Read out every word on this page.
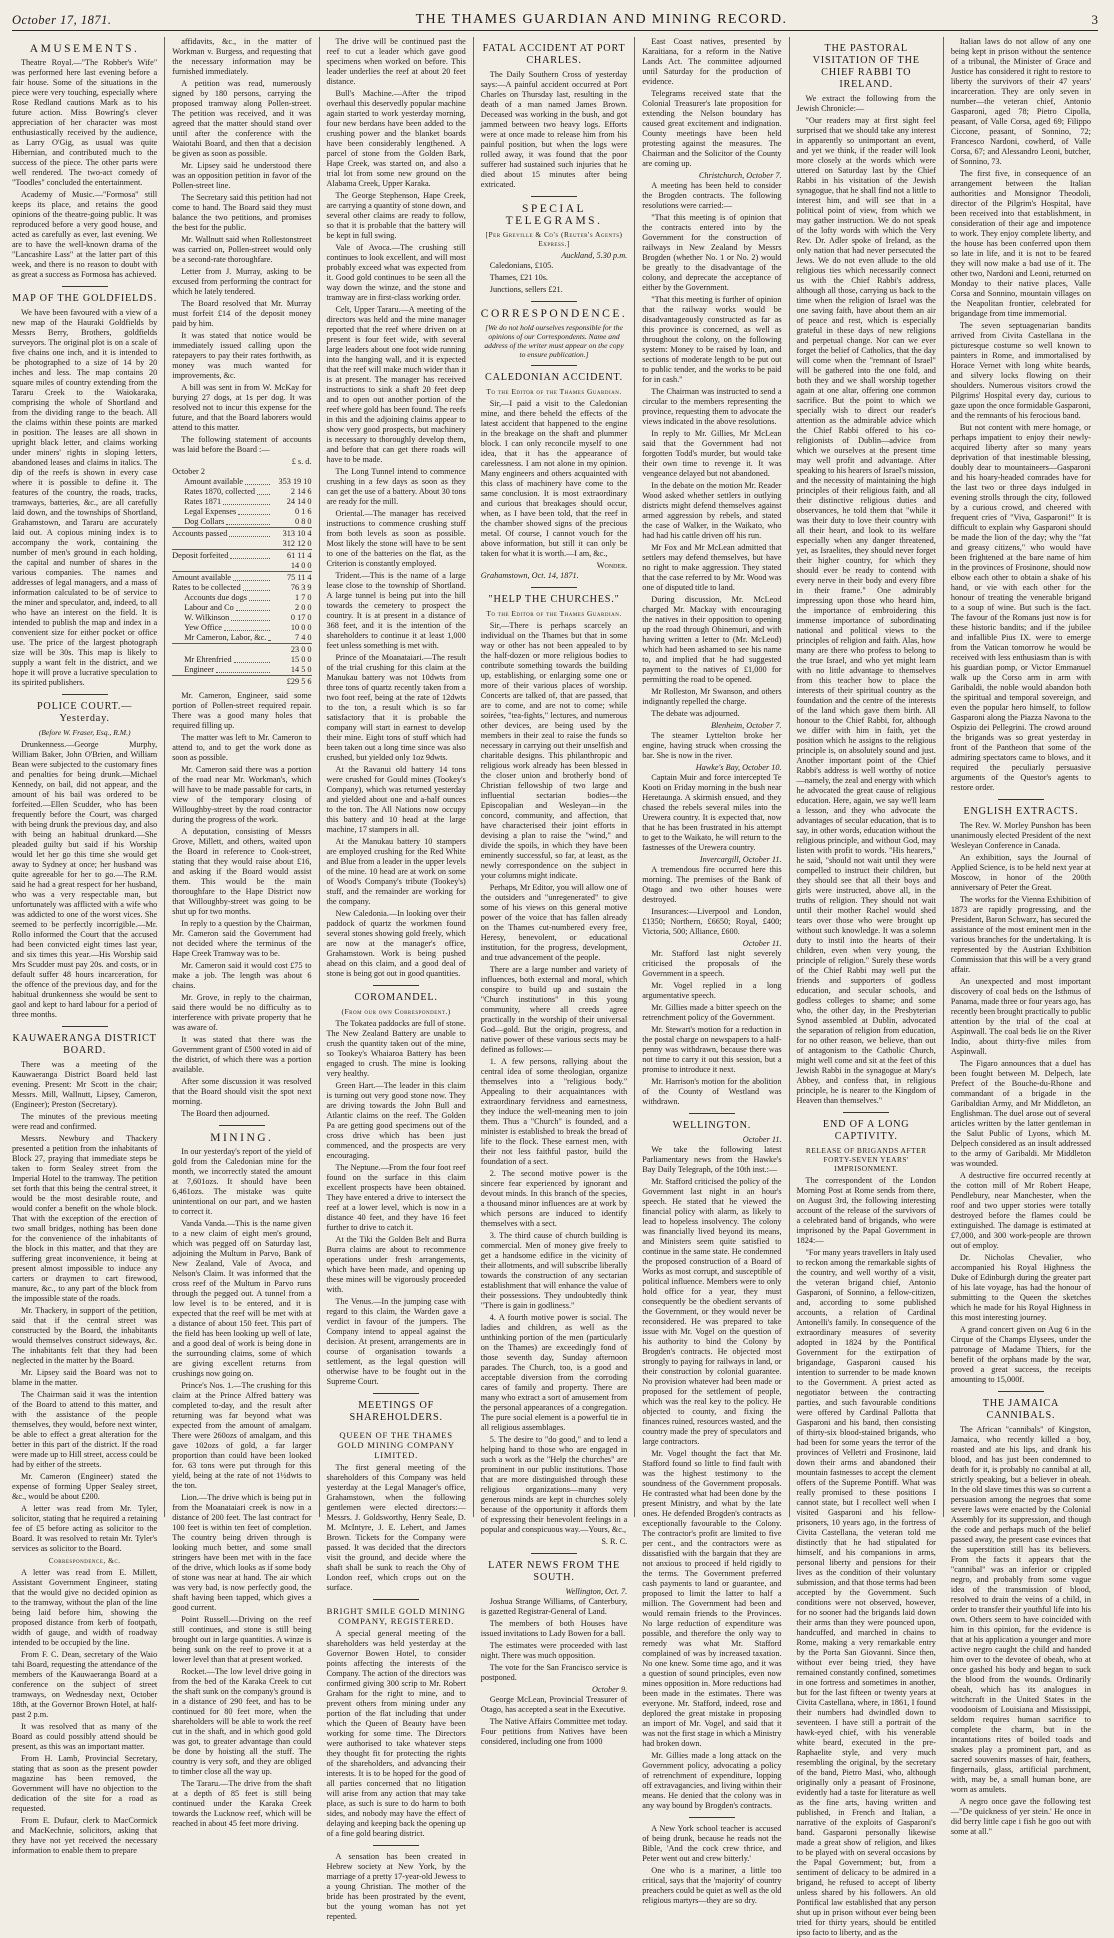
October 17, 1871.	THE THAMES GUARDIAN AND MINING RECORD.	3
AMUSEMENTS.

Theatre Royal.—"The Robber's Wife" was performed here last evening before a fair house. Some of the situations in the piece were very touching, especially where Rose Redland cautions Mark as to his future action. Miss Bowring's clever appreciation of her character was most enthusiastically received by the audience, as Larry O'Gig, as usual was quite Hibernian, and contributed much to the success of the piece. The other parts were well rendered. The two-act comedy of "Toodles" concluded the entertainment.

Academy of Music.—"Formosa" still keeps its place, and retains the good opinions of the theatre-going public. It was reproduced before a very good house, and acted as carefully as ever, last evening. We are to have the well-known drama of the "Lancashire Lass" at the latter part of this week, and there is no reason to doubt with as great a success as Formosa has achieved.

MAP OF THE GOLDFIELDS.

We have been favoured with a view of a new map of the Hauraki Goldfields by Messrs Berry, Brothers, goldfields surveyors. The original plot is on a scale of five chains one inch, and it is intended to be photographed to a size of 14 by 20 inches and less. The map contains 20 square miles of country extending from the Tararu Creek to the Waiokaraka, comprising the whole of Shortland and from the dividing range to the beach. All the claims within these points are marked in position. The leases are all shown in upright black letter, and claims working under miners' rights in sloping letters, abandoned leases and claims in italics. The dip of the reefs is shown in every case where it is possible to define it. The features of the country, the roads, tracks, tramways, batteries, &c., are all carefully laid down, and the townships of Shortland, Grahamstown, and Tararu are accurately laid out. A copious mining index is to accompany the work, containing the number of men's ground in each holding, the capital and number of shares in the various companies. The names and addresses of legal managers, and a mass of information calculated to be of service to the miner and speculator, and, indeed, to all who have an interest on the field. It is intended to publish the map and index in a convenient size for either pocket or office use. The price of the largest photograph size will be 30s. This map is likely to supply a want felt in the district, and we hope it will prove a lucrative speculation to its spirited publishers.

POLICE COURT.—Yesterday.
(Before W. Fraser, Esq., R.M.)

Drunkenness.—George Murphy, William Baker, John O'Brien, and William Bean were subjected to the customary fines and penalties for being drunk.—Michael Kennedy, on bail, did not appear, and the amount of his bail was ordered to be forfeited.—Ellen Scudder, who has been frequently before the Court, was charged with being drunk the previous day, and also with being an habitual drunkard.—She pleaded guilty but said if his Worship would let her go this time she would get away to Sydney at once; her husband was quite agreeable for her to go.—The R.M. said he had a great respect for her husband, who was a very respectable man, but unfortunately was afflicted with a wife who was addicted to one of the worst vices. She seemed to be perfectly incorrigible.—Mr. Rollo informed the Court that the accused had been convicted eight times last year, and six times this year.—His Worship said Mrs Scudder must pay 20s. and costs, or in default suffer 48 hours incarceration, for the offence of the previous day, and for the habitual drunkenness she would be sent to gaol and kept to hard labour for a period of three months.

KAUWAERANGA DISTRICT BOARD.

There was a meeting of the Kauwaeranga District Board held last evening. Present: Mr Scott in the chair; Messrs. Mill, Wallnutt, Lipsey, Cameron, (Engineer); Preston (Secretary).

The minutes of the previous meeting were read and confirmed.

Messrs. Newbury and Thackery presented a petition from the inhabitants of Block 27, praying that immediate steps be taken to form Sealey street from the Imperial Hotel to the tramway. The petition set forth that this being the central street, it would be the most desirable route, and would confer a benefit on the whole block. That with the exception of the erection of two small bridges, nothing has been done for the convenience of the inhabitants of the block in this matter, and that they are suffering great inconvenience, it being at present almost impossible to induce any carters or draymen to cart firewood, manure, &c., to any part of the block from the impossible state of the roads.

Mr. Thackery, in support of the petition, said that if the central street was constructed by the Board, the inhabitants would themselves construct sideways, &c. The inhabitants felt that they had been neglected in the matter by the Board.

Mr. Lipsey said the Board was not to blame in the matter.

The Chairman said it was the intention of the Board to attend to this matter, and with the assistance of the people themselves, they would, before next winter, be able to effect a great alteration for the better in this part of the district. If the road were made up to Hill street, access could be had by either of the streets.

Mr. Cameron (Engineer) stated the expense of forming Upper Sealey street, &c., would be about £200.

A letter was read from Mr. Tyler, solicitor, stating that he required a retaining fee of £5 before acting as solicitor to the Board. It was resolved to retain Mr. Tyler's services as solicitor to the Board.

Correspondence, &c.

A letter was read from E. Millett, Assistant Government Engineer, stating that the would give no decided opinion as to the tramway, without the plan of the line being laid before him, showing the proposed distance from kerb of footpath, width of gauge, and width of roadway intended to be occupied by the line.

From F. C. Dean, secretary of the Waio tahi Board, requesting the attendance of the members of the Kauwaeranga Board at a conference on the subject of street tramways, on Wednesday next, October 18th, at the Governor Brown Hotel, at half-past 2 p.m.

It was resolved that as many of the Board as could possibly attend should be present, as this was an important matter.

From H. Lamb, Provincial Secretary, stating that as soon as the present powder magazine has been removed, the Government will have no objection to the dedication of the site for a road as requested.

From E. Dufaur, clerk to MacCormick and MacKechnie, solicitors, asking that they have not yet received the necessary information to enable them to prepare

affidavits, &c., in the matter of Workman v. Burgess, and requesting that the necessary information may be furnished immediately.

A petition was read, numerously signed by 180 persons, carrying the proposed tramway along Pollen-street. The petition was received, and it was agreed that the matter should stand over until after the conference with the Waiotahi Board, and then that a decision be given as soon as possible.

Mr. Lipsey said he understood there was an opposition petition in favor of the Pollen-street line.

The Secretary said this petition had not come to hand. The Board said they must balance the two petitions, and promises the best for the public.

Mr. Wallnutt said when Rollestonstreet was carried on, Pollen-street would only be a second-rate thoroughfare.

Letter from J. Murray, asking to be excused from performing the contract for which he lately tendered.

The Board resolved that Mr. Murray must forfeit £14 of the deposit money paid by him.

It was stated that notice would be immediately issued calling upon the ratepayers to pay their rates forthwith, as money was much wanted for improvements, &c.

A bill was sent in from W. McKay for burying 27 dogs, at 1s per dog. It was resolved not to incur this expense for the future, and that the Board laborers would attend to this matter.

The following statement of accounts was laid before the Board :—

£ s. d.
October 2
Amount available	353 19 10
Rates 1870, collected	2 14 6
Rates 1871	24 14 0
Legal Expenses	0 1 6
Dog Collars	0 8 0
Accounts passed	313 10 4
312 12 0
Deposit forfeited	61 11 4
14 0 0
Amount available	75 11 4
Rates to be collected	76 3 9
Accounts due dogs	1 7 0
Labour and Co	2 0 0
W. Wilkinson	0 17 0
Yew Office	10 0 0
Mr Cameron, Labor, &c.	7 4 0
23 0 0
Mr Ehrenfried	15 0 0
Engineer	14 5 0
£29 5 6

Mr. Cameron, Engineer, said some portion of Pollen-street required repair. There was a good many holes that required filling up.

The matter was left to Mr. Cameron to attend to, and to get the work done as soon as possible.

Mr. Cameron said there was a portion of the road near Mr. Workman's, which will have to be made passable for carts, in view of the temporary closing of Willoughby-street by the road contractor during the progress of the work.

A deputation, consisting of Messrs Grove, Millett, and others, waited upon the Board in reference to Cook-street, stating that they would raise about £16, and asking if the Board would assist them. This would be the main thoroughfare to the Hape District now that Willoughby-street was going to be shut up for two months.

In reply to a question by the Chairman, Mr. Cameron said the Government had not decided where the terminus of the Hape Creek Tramway was to be.

Mr. Cameron said it would cost £75 to make a job. The length was about 6 chains.

Mr. Grove, in reply to the chairman, said there would be no difficulty as to interference with private property that he was aware of.

It was stated that there was the Government grant of £500 voted in aid of the district, of which there was a portion available.

After some discussion it was resolved that the Board should visit the spot next morning.

The Board then adjourned.

MINING.

In our yesterday's report of the yield of gold from the Caledonian mine for the month, we incorrectly stated the amount at 7,601ozs. It should have been 6,461ozs. The mistake was quite unintentional on our part, and we hasten to correct it.

Vanda Vanda.—This is the name given to a new claim of eight men's ground, which was pegged off on Saturday last, adjoining the Multum in Parvo, Bank of New Zealand, Vale of Avoca, and Nelson's Claim. It was informed that the cross reef of the Multum in Parvo runs through the pegged out. A tunnel from a low level is to be entered, and it is expected that the reef will be met with at a distance of about 150 feet. This part of the field has been looking up well of late, and a good deal of work is being done in the surrounding claims, some of which are giving excellent returns from crushings now going on.

Prince's Nos. 1.—The crushing for this claim at the Prince Alfred battery was completed to-day, and the result after returning was far beyond what was expected from the amount of amalgam. There were 260ozs of amalgam, and this gave 102ozs of gold, a far larger proportion than could have been looked for. 63 tons were put through for this yield, being at the rate of not 1½dwts to the ton.

Lion.—The drive which is being put in from the Moanataiari creek is now in a distance of 200 feet. The last contract for 100 feet is within ten feet of completion. The country being driven through is looking much better, and some small stringers have been met with in the face of the drive, which looks as if some body of stone was near at hand. The air which was very bad, is now perfectly good, the shaft having been tapped, which gives a good current.

Point Russell.—Driving on the reef still continues, and stone is still being brought out in large quantities. A winze is being sunk on the reef to prove it at a lower level than that at present worked.

Rocket.—The low level drive going in from the bed of the Karaka Creek to cut the shaft sunk on the company's ground is in a distance of 290 feet, and has to be continued for 80 feet more, when the shareholders will be able to work the reef cut in the shaft, and in which good gold was got, to greater advantage than could be done by hoisting all the stuff. The country is very soft, and they are obliged to timber close all the way up.

The Tararu.—The drive from the shaft at a depth of 85 feet is still being continued under the Karaka Creek towards the Lucknow reef, which will be reached in about 45 feet more driving.

The drive will be continued past the reef to cut a leader which gave good specimens when worked on before. This leader underlies the reef at about 20 feet distance.

Bull's Machine.—After the tripod overhaul this deservedly popular machine again started to work yesterday morning, four new berdans have been added to the crushing power and the blanket boards have been considerably lengthened. A parcel of stone from the Golden Bark, Hape Creek, was started on, and also a trial lot from some new ground on the Alabama Creek, Upper Karaka.

The George Stephenson, Hape Creek, are carrying a quantity of stone down, and several other claims are ready to follow, so that it is probable that the battery will be kept in full swing.

Vale of Avoca.—The crushing still continues to look excellent, and will most probably exceed what was expected from it. Good gold continues to be seen all the way down the winze, and the stone and tramway are in first-class working order.

Celt, Upper Tararu.—A meeting of the directors was held and the mine manager reported that the reef where driven on at present is four feet wide, with several large leaders about one foot wide running into the hanging wall, and it is expected that the reef will make much wider than it is at present. The manager has received instructions to sink a shaft 20 feet deep and to open out another portion of the reef where gold has been found. The reefs in this and the adjoining claims appear to show very good prospects, but machinery is necessary to thoroughly develop them, and before that can get there roads will have to be made.

The Long Tunnel intend to commence crushing in a few days as soon as they can get the use of a battery. About 30 tons are ready for the mill.

Oriental.—The manager has received instructions to commence crushing stuff from both levels as soon as possible. Most likely the stone will have to be sent to one of the batteries on the flat, as the Criterion is constantly employed.

Trident.—This is the name of a large lease close to the township of Shortland. A large tunnel is being put into the hill towards the cemetery to prospect the country. It is at present in a distance of 368 feet, and it is the intention of the shareholders to continue it at least 1,000 feet unless something is met with.

Prince of the Moanataiari.—The result of the trial crushing for this claim at the Manukau battery was not 10dwts from three tons of quartz recently taken from a two foot reef, being at the rate of 12dwts to the ton, a result which is so far satisfactory that it is probable the company will start in earnest to develop their mine. Eight tons of stuff which had been taken out a long time since was also crushed, but yielded only 1oz 9dwts.

At the Ravanui old battery 14 tons were crushed for Gould mines (Tookey's Company), which was returned yesterday and yielded about one and a-half ounces to the ton. The All Nations now occupy this battery and 10 head at the large machine, 17 stampers in all.

At the Manukau battery 10 stampers are employed crushing for the Red White and Blue from a leader in the upper levels of the mine. 10 head are at work on some of Wood's Company's tribute (Tookey's) stuff, and the remainder are working for the company.

New Caledonia.—In looking over their paddock of quartz the workmen found several stones showing gold freely, which are now at the manager's office, Grahamstown. Work is being pushed ahead on this claim, and a good deal of stone is being got out in good quantities.

COROMANDEL.
(From our own Correspondent.)

The Tokatea paddocks are full of stone. The New Zealand Battery are unable to crush the quantity taken out of the mine, so Tookey's Whaiaroa Battery has been engaged to crush. The mine is looking very healthy.

Green Hart.—The leader in this claim is turning out very good stone now. They are driving towards the John Bull and Atlantic claims on the reef. The Golden Pa are getting good specimens out of the cross drive which has been just commenced, and the prospects are very encouraging.

The Neptune.—From the four foot reef found on the surface in this claim excellent prospects have been obtained. They have entered a drive to intersect the reef at a lower level, which is now in a distance 40 feet, and they have 16 feet further to drive to catch it.

At the Tiki the Golden Belt and Burra Burra claims are about to recommence operations under fresh arrangements, which have been made, and opening up these mines will be vigorously proceeded with.

The Venus.—In the jumping case with regard to this claim, the Warden gave a verdict in favour of the jumpers. The Company intend to appeal against the decision. At present, arrangements are in course of organisation towards a settlement, as the legal question will otherwise have to be fought out in the Supreme Court.

MEETINGS OF SHAREHOLDERS.
QUEEN OF THE THAMES GOLD MINING COMPANY LIMITED.

The first general meeting of the shareholders of this Company was held yesterday at the Legal Manager's office, Grahamstown, when the following gentlemen were elected directors:—Messrs. J. Goldsworthy, Henry Seale, D. M. McIntyre, J. E. Lehert, and James Brown. Tickets for the Company were passed. It was decided that the directors visit the ground, and decide where the shaft shall be sunk to reach the Ohy of London reef, which crops out on the surface.

BRIGHT SMILE GOLD MINING COMPANY, REGISTERED.

A special general meeting of the shareholders was held yesterday at the Governor Bowen Hotel, to consider points affecting the interests of the Company. The action of the directors was confirmed giving 300 scrip to Mr. Robert Graham for the right to mine, and to prevent others from mining under any portion of the flat including that under which the Queen of Beauty have been working for some time. The Directors were authorised to take whatever steps they thought fit for protecting the rights of the shareholders, and advancing their interests. It is to be hoped for the good of all parties concerned that no litigation will arise from any action that may take place, as such is sure to do harm to both sides, and nobody may have the effect of delaying and keeping back the opening up of a fine gold bearing district.

A sensation has been created in Hebrew society at New York, by the marriage of a pretty 17-year-old Jewess to a young Christian. The mother of the bride has been prostrated by the event, but the young woman has not yet repented.

FATAL ACCIDENT AT PORT CHARLES.

The Daily Southern Cross of yesterday says:—A painful accident occurred at Port Charles on Thursday last, resulting in the death of a man named James Brown. Deceased was working in the bush, and got jammed between two heavy logs. Efforts were at once made to release him from his painful position, but when the logs were rolled away, it was found that the poor sufferer had sustained such injuries that he died about 15 minutes after being extricated.

SPECIAL TELEGRAMS.
[Per Greville & Co's (Reuter's Agents) Express.]
Auckland, 5.30 p.m.

Caledonians, £105.

Thames, £21 10s.

Junctions, sellers £21.

CORRESPONDENCE.
[We do not hold ourselves responsible for the opinions of our Correspondents. Name and address of the writer must appear on the copy to ensure publication.]
CALEDONIAN ACCIDENT.
To the Editor of the Thames Guardian.

Sir,—I paid a visit to the Caledonian mine, and there beheld the effects of the latest accident that happened to the engine in the breakage on the shaft and plummer block. I can only reconcile myself to one idea, that it has the appearance of carelessness. I am not alone in my opinion. Many engineers and others acquainted with this class of machinery have come to the same conclusion. It is most extraordinary and curious that breakages should occur, when, as I have been told, that the reef in the chamber showed signs of the precious metal. Of course, I cannot vouch for the above information, but still it can only be taken for what it is worth.—I am, &c.,

Wonder.
Grahamstown, Oct. 14, 1871.
"HELP THE CHURCHES."
To the Editor of the Thames Guardian.

Sir,—There is perhaps scarcely an individual on the Thames but that in some way or other has not been appealed to by the half-dozen or more religious bodies to contribute something towards the building up, establishing, or enlarging some one or more of their various places of worship. Concerts are talked of, that are passed, that are to come, and are not to come; while soirées, "tea-fights," lectures, and numerous other devices, are being used by the members in their zeal to raise the funds so necessary in carrying out their unselfish and charitable designs. This philanthropic and religious work already has been blessed in the closer union and brotherly bond of Christian fellowship of two large and influential sectarian bodies—the Episcopalian and Wesleyan—in the concord, community, and affection, that have characterised their joint efforts in devising a plan to raise the "wind," and divide the spoils, in which they have been eminently successful, so far, at least, as the newly correspondence on the subject in your columns might indicate.

Perhaps, Mr Editor, you will allow one of the outsiders and "unregenerated" to give some of his views on this general motive power of the voice that has fallen already on the Thames cut-numbered every free, Heresy, benevolent, or educational institution, for the progress, development, and true advancement of the people.

There are a large number and variety of influences, both external and moral, which conspire to build up and sustain the "Church institutions" in this young community, where all creeds agree practically in the worship of their universal God—gold. But the origin, progress, and native power of these various sects may be defined as follows:—

1. A few persons, rallying about the central idea of some theologian, organize themselves into a "religious body." Appealing to their acquaintances with extraordinary fervidness and earnestness, they induce the well-meaning men to join them. Thus a "Church" is founded, and a minister is established to break the bread of life to the flock. These earnest men, with their not less faithful pastor, build the foundation of a sect.

2. The second motive power is the sincere fear experienced by ignorant and devout minds. In this branch of the species, a thousand minor influences are at work by which persons are induced to identify themselves with a sect.

3. The third cause of church building is commercial. Men of money give freely to get a handsome edifice in the vicinity of their allotments, and will subscribe liberally towards the construction of any sectarian establishment that will enhance the value of their possessions. They undoubtedly think "There is gain in godliness."

4. A fourth motive power is social. The ladies and children, as well as the unthinking portion of the men (particularly on the Thames) are exceedingly fond of those seventh day, Sunday afternoon parades. The Church, too, is a good and acceptable diversion from the corroding cares of family and property. There are many who extract a sort of amusement from the personal appearances of a congregation. The pure social element is a powerful tie in all religious assemblages.

5. The desire to "do good," and to lend a helping hand to those who are engaged in such a work as the "Help the churches" are prominent in our public institutions. Those that are more distinguished through these religious organizations—many very generous minds are kept in churches solely because of the opportunity it affords them of expressing their benevolent feelings in a popular and conspicuous way.—Yours, &c.,

S. R. C.
LATER NEWS FROM THE SOUTH.
Wellington, Oct. 7.

Joshua Strange Williams, of Canterbury, is gazetted Registrar-General of Land.

The members of both Houses have issued invitations to Lady Bowen for a ball.

The estimates were proceeded with last night. There was much opposition.

The vote for the San Francisco service is postponed.

October 9.

George McLean, Provincial Treasurer of Otago, has accepted a seat in the Executive.

The Native Affairs Committee met today. Four petitions from Natives have been considered, including one from 1000

East Coast natives, presented by Karaitiana, for a reform in the Native Lands Act. The committee adjourned until Saturday for the production of evidence.

Telegrams received state that the Colonial Treasurer's late proposition for extending the Nelson boundary has caused great excitement and indignation. County meetings have been held protesting against the measures. The Chairman and the Solicitor of the County are coming up.

Christchurch, October 7.

A meeting has been held to consider the Brogden contracts. The following resolutions were carried:—

"That this meeting is of opinion that the contracts entered into by the Government for the construction of railways in New Zealand by Messrs Brogden (whether No. 1 or No. 2) would be greatly to the disadvantage of the colony, and deprecate the acceptance of either by the Government.

"That this meeting is further of opinion that the railway works would be disadvantageously constructed as far as this province is concerned, as well as throughout the colony, on the following system: Money to be raised by loan, and sections of moderate length to be put out to public tender, and the works to be paid for in cash."

The Chairman was instructed to send a circular to the members representing the province, requesting them to advocate the views indicated in the above resolutions.

In reply to Mr. Gillies, Mr McLean said that the Government had not forgotten Todd's murder, but would take their own time to revenge it. It was vengeance delayed but not abandoned.

In the debate on the motion Mr. Reader Wood asked whether settlers in outlying districts might defend themselves against armed aggression by rebels, and stated the case of Walker, in the Waikato, who had had his cattle driven off his run.

Mr Fox and Mr McLean admitted that settlers may defend themselves, but have no right to make aggression. They stated that the case referred to by Mr. Wood was one of disputed title to land.

During discussion, Mr. McLeod charged Mr. Mackay with encouraging the natives in their opposition to opening up the road through Ohinemuri, and with having written a letter to (Mr. McLeod) which had been ashamed to see his name to, and implied that he had suggested payment to the natives of £1,000 for permitting the road to be opened.

Mr Rolleston, Mr Swanson, and others indignantly repelled the charge.

The debate was adjourned.

Blenheim, October 7.

The steamer Lyttelton broke her engine, having struck when crossing the bar. She is now in the river.

Hawke's Bay, October 10.

Captain Muir and force intercepted Te Kooti on Friday morning in the bush near Heretaunga. A skirmish ensued, and they chased the rebels several miles into the Urewera country. It is expected that, now that he has been frustrated in his attempt to get to the Waikato, he will return to the fastnesses of the Urewera country.

Invercargill, October 11.

A tremendous fire occurred here this morning. The premises of the Bank of Otago and two other houses were destroyed.

Insurances:—Liverpool and London, £1350; Northern, £6650; Royal, £400; Victoria, 500; Alliance, £600.

October 11.

Mr. Stafford last night severely criticised the proposals of the Government in a speech.

Mr. Vogel replied in a long argumentative speech.

Mr. Gillies made a bitter speech on the retrenchment policy of the Government.

Mr. Stewart's motion for a reduction in the postal charge on newspapers to a half-penny was withdrawn, because there was not time to carry it out this session, but a promise to introduce it next.

Mr. Harrison's motion for the abolition of the County of Westland was withdrawn.

WELLINGTON.
October 11.

We take the following latest Parliamentary news from the Hawke's Bay Daily Telegraph, of the 10th inst.:—

Mr. Stafford criticised the policy of the Government last night in an hour's speech. He stated that he viewed the financial policy with alarm, as likely to lead to hopeless insolvency. The colony was financially lived beyond its means, and Ministers seem quite satisfied to continue in the same state. He condemned the proposed construction of a Board of Works as most corrupt, and susceptible of political influence. Members were to only hold office for a year, they must consequently be the obedient servants of the Government, or they would never be reconsidered. He was prepared to take issue with Mr. Vogel on the question of his authority to bind the Colony by Brogden's contracts. He objected most strongly to paying for railways in land, or their construction by colonial guarantee. No provision whatever had been made or proposed for the settlement of people, which was the real key to the policy. He objected to county, and fixing the finances ruined, resources wasted, and the country made the prey of speculators and large contractors.

Mr. Vogel thought the fact that Mr. Stafford found so little to find fault with was the highest testimony to the soundness of the Government proposals. He contrasted what had been done by the present Ministry, and what by the late ones. He defended Brogden's contracts as exceptionally favourable to the Colony. The contractor's profit are limited to five per cent., and the contractors were as dissatisfied with the bargain that they are not anxious to proceed if held rigidly to the terms. The Government preferred cash payments to land or guarantee, and proposed to limit the latter to half a million. The Government had been and would remain friends to the Provinces. No large reduction of expenditure was possible, and therefore the only way to remedy was what Mr. Stafford complained of was by increased taxation. No one knew. Some time ago, and it was a question of sound principles, even now mines opposition in. More reductions had been made in the estimates. There was everyone. Mr. Stafford, indeed, rose and deplored the great mistake in proposing an import of Mr. Vogel, and said that it was not the first stage in which a Ministry had broken down.

Mr. Gillies made a long attack on the Government policy, advocating a policy of retrenchment of expenditure, lopping off extravagancies, and living within their means. He denied that the colony was in any way bound by Brogden's contracts.

A New York school teacher is accused of being drunk, because he reads not the Bible, 'And the cock crew thrice, and Peter went out and crew bitterly.'

One who is a mariner, a little too critical, says that the 'majority' of country preachers could be quiet as well as the old religious martyrs—they are so dry.

THE PASTORAL VISITATION OF THE CHIEF RABBI TO IRELAND.

We extract the following from the Jewish Chronicle:—

"Our readers may at first sight feel surprised that we should take any interest in apparently so unimportant an event, and yet we think, if the reader will look more closely at the words which were uttered on Saturday last by the Chief Rabbi in his visitation of the Jewish synagogue, that he shall find not a little to interest him, and will see that in a political point of view, from which we may gather instruction. We do not speak of the lofty words with which the Very Rev. Dr. Adler spoke of Ireland, as the only nation that had never persecuted the Jews. We do not even allude to the old religious ties which necessarily connect us with the Chief Rabbi's address, although all those, carrying us back to the time when the religion of Israel was the one saving faith, have about them an air of peace and rest, which is especially grateful in these days of new religions and perpetual change. Nor can we ever forget the belief of Catholics, that the day will come when the "remnant of Israel" will be gathered into the one fold, and both they and we shall worship together again at one altar, offering one common sacrifice. But the point to which we specially wish to direct our reader's attention as the admirable advice which the Chief Rabbi offered to his co-religionists of Dublin—advice from which we ourselves at the present time may well profit and advantage. After speaking to his hearers of Israel's mission, and the necessity of maintaining the high principles of their religious faith, and all their distinctive religious duties and observances, he told them that "while it was their duty to love their country with all their heart, and look to its welfare especially when any danger threatened, yet, as Israelites, they should never forget their higher country, for which they should ever be ready to contend with every nerve in their body and every fibre in their frame." One admirably impressing upon those who heard him, the importance of embroidering this immense importance of subordinating national and political views to the principles of religion and faith. Alas, how many are there who profess to belong to the true Israel, and who yet might learn with no little advantage to themselves from this teacher how to place the interests of their spiritual country as the foundation and the centre of the interests of the land which gave them birth. All honour to the Chief Rabbi, for, although we differ with him in faith, yet the position which he assigns to the religious principle is, on absolutely sound and just. Another important point of the Chief Rabbi's address is well worthy of notice—namely, the zeal and energy with which he advocated the great cause of religious education. Here, again, we say we'll learn a lesson, and they who advocate the advantages of secular education, that is to say, in other words, education without the religious principle, and without God, may listen with profit to words. "His hearers," he said, "should not wait until they were compelled to instruct their children, but they should see that all their boys and girls were instructed, above all, in the truths of religion. They should not wait until their mother Rachel would shed tears over those who were brought up without such knowledge. It was a solemn duty to instil into the hearts of their children, even when very young, the principle of religion." Surely these words of the Chief Rabbi may well put the friends and supporters of godless education, and secular schools, and godless colleges to shame; and some who, the other day, in the Presbyterian Synod assembled at Dublin, advocated the separation of religion from education, for no other reason, we believe, than out of antagonism to the Catholic Church, might well come and sit at the feet of this Jewish Rabbi in the synagogue at Mary's Abbey, and confess that, in religious principle, he is nearer to the Kingdom of Heaven than themselves."

END OF A LONG CAPTIVITY.
RELEASE OF BRIGANDS AFTER FORTY-SEVEN YEARS' IMPRISONMENT.

The correspondent of the London Morning Post at Rome sends from there, on August 3rd, the following interesting account of the release of the survivors of a celebrated band of brigands, who were imprisoned by the Papal Government in 1824:—

"For many years travellers in Italy used to reckon among the remarkable sights of the country, and well worthy of a visit, the veteran brigand chief, Antonio Gasparoni, of Sonnino, a fellow-citizen, and, according to some published accounts, a relation of Cardinal Antonelli's family. In consequence of the extraordinary measures of severity adopted in 1824 by the Pontifical Government for the extirpation of brigandage, Gasparoni caused his intention to surrender to be made known to the Government. A priest acted as negotiator between the contracting parties, and such favourable conditions were offered by Cardinal Pallotta that Gasparoni and his band, then consisting of thirty-six blood-stained brigands, who had been for some years the terror of the provinces of Velletri and Frosinone, laid down their arms and abandoned their mountain fastnesses to accept the clement offers of the Supreme Pontiff. What was really promised to these positions I cannot state, but I recollect well when I visited Gasparoni and his fellow-prisoners, 10 years ago, in the fortress of Civita Castellana, the veteran told me distinctly that he had stipulated for himself, and his companions in arms, personal liberty and pensions for their lives as the condition of their voluntary submission, and that those terms had been accepted by the Government. Such conditions were not observed, however, for no sooner had the brigands laid down their arms than they were pounced upon, handcuffed, and marched in chains to Rome, making a very remarkable entry by the Porta San Giovanni. Since then, without ever being tried, they have remained constantly confined, sometimes in one fortress and sometimes in another, but for the last fifteen or twenty years at Civita Castellana, where, in 1861, I found their numbers had dwindled down to seventeen. I have still a portrait of the hawk-eyed chief, with his venerable white beard, executed in the pre-Raphaelite style, and very much resembling the original, by the secretary of the band, Pietro Masi, who, although originally only a peasant of Frosinone, evidently had a taste for literature as well as the fine arts, having written and published, in French and Italian, a narrative of the exploits of Gasparoni's band. Gasparoni personally likewise made a great show of religion, and likes to be played with on several occasions by the Papal Government; but, from a sentiment of delicacy to be admired in a brigand, he refused to accept of liberty unless shared by his followers. An old Pontifical law established that any person shut up in prison without ever being been tried for thirty years, should be entitled ipso facto to liberty, and as the

Italian laws do not allow of any one being kept in prison without the sentence of a tribunal, the Minister of Grace and Justice has considered it right to restore to liberty the survivors of their 47 years' incarceration. They are only seven in number—the veteran chief, Antonio Gasparoni, aged 78; Pietro Cipolla, peasant, of Valle Corsa, aged 69; Filippo Ciccone, peasant, of Sonnino, 72; Francesco Nardoni, cowherd, of Valle Corsa, 67; and Alessandro Leoni, butcher, of Sonnino, 73.

The first five, in consequence of an arrangement between the Italian authorities and Monsignor Theodoli, director of the Pilgrim's Hospital, have been received into that establishment, in consideration of their age and impotence to work. They enjoy complete liberty, and the house has been conferred upon them so late in life, and it is not to be feared they will now make a bad use of it. The other two, Nardoni and Leoni, returned on Monday to their native places, Valle Corsa and Sonnino, mountain villages on the Neapolitan frontier, celebrated for brigandage from time immemorial.

The seven septuagenarian bandits arrived from Civita Castellana in the picturesque costume so well known to painters in Rome, and immortalised by Horace Vernet with long white beards, and silvery locks flowing on their shoulders. Numerous visitors crowd the Pilgrims' Hospital every day, curious to gaze upon the once formidable Gasparoni, and the remnants of his ferocious band.

But not content with mere homage, or perhaps impatient to enjoy their newly-acquired liberty after so many years deprivation of that inestimable blessing, doubly dear to mountaineers—Gasparoni and his hoary-headed comrades have for the last two or three days indulged in evening strolls through the city, followed by a curious crowd, and cheered with frequent cries of "Viva, Gasparoni!" It is difficult to explain why Gasparoni should be made the lion of the day; why the "fat and greasy citizens," who would have been frightened at the bare name of him in the provinces of Frosinone, should now elbow each other to obtain a shake of his hand, or vie with each other for the honour of treating the venerable brigand to a soup of wine. But such is the fact. The favour of the Romans just now is for these historic bandits; and if the jubilee and infallible Pius IX. were to emerge from the Vatican tomorrow he would be received with less enthusiasm than is with his guardian pomp, or Victor Emmanuel walk up the Corso arm in arm with Garibaldi, the noble would abandon both the spiritual and temporal sovereign, and even the popular hero himself, to follow Gasparoni along the Piazza Navona to the Ospizio dei Pellegrini. The crowd around the brigands was so great yesterday in front of the Pantheon that some of the admiring spectators came to blows, and it required the peculiarly persuasive arguments of the Questor's agents to restore order.

ENGLISH EXTRACTS.

The Rev. W. Morley Punshon has been unanimously elected President of the next Wesleyan Conference in Canada.

An exhibition, says the Journal of Applied Science, is to be held next year at Moscow, in honor of the 200th anniversary of Peter the Great.

The works for the Vienna Exhibition of 1873 are rapidly progressing, and the President, Baron Schwarz, has secured the assistance of the most eminent men in the various branches for the undertaking. It is represented by the Austrian Exhibition Commission that this will be a very grand affair.

An unexpected and most important discovery of coal beds on the Isthmus of Panama, made three or four years ago, has recently been brought practically to public attention by the trial of the coal at Aspinwall. The coal beds lie on the River Indio, about thirty-five miles from Aspinwall.

The Figaro announces that a duel has been fought between M. Delpech, late Prefect of the Bouche-du-Rhone and commandant of a brigade in the Garibaldian Army, and Mr Middleton, an Englishman. The duel arose out of several articles written by the latter gentleman in the Salut Public of Lyons, which M. Delpech considered as an insult addressed to the army of Garibaldi. Mr Middleton was wounded.

A destructive fire occurred recently at the cotton mill of Mr Robert Heape, Pendlebury, near Manchester, when the roof and two upper stories were totally destroyed before the flames could be extinguished. The damage is estimated at £7,000, and 300 work-people are thrown out of employ.

Dr. Nicholas Chevalier, who accompanied his Royal Highness the Duke of Edinburgh during the greater part of his late voyage, has had the honour of submitting to the Queen the sketches which he made for his Royal Highness in this most interesting journey.

A grand concert given on Aug 6 in the Cirque of the Champs Elysees, under the patronage of Madame Thiers, for the benefit of the orphans made by the war, proved a great success, the receipts amounting to 15,000f.

THE JAMAICA CANNIBALS.

The African "cannibals" of Kingston, Jamaica, who recently killed a boy, roasted and ate his lips, and drank his blood, and has just been condemned to death for it, is probably no cannibal at all, strictly speaking, but a believer in obeah. In the old slave times this was so current a persuasion among the negroes that some severe laws were enacted by the Colonial Assembly for its suppression, and though the code and perhaps much of the belief passed away, the present case evinces that the superstition still has its believers. From the facts it appears that the "cannibal" was an inferior or crippled negro, and probably from some vague idea of the transmission of blood, resolved to drain the veins of a child, in order to transfer their youthful life into his own. Others seem to have coincided with him in this opinion, for the evidence is that at his application a younger and more active negro caught the child and handed him over to the devotee of obeah, who at once gashed his body and began to suck the blood from the wounds. Ordinarily obeah, which has its analogues in witchcraft in the United States in the voodooism of Louisiana and Mississippi, seldom requires human sacrifice to complete the charm, but in the incantations rites of boiled toads and snakes play a prominent part, and as sacred souvenirs masses of hair, feathers, fingernails, glass, artificial parchment, with, may be, a small human bone, are worn as amulets.

A negro once gave the following test—"De quickness of yer stein.' He once in did berry little cape i fish he goo out with some at all."
